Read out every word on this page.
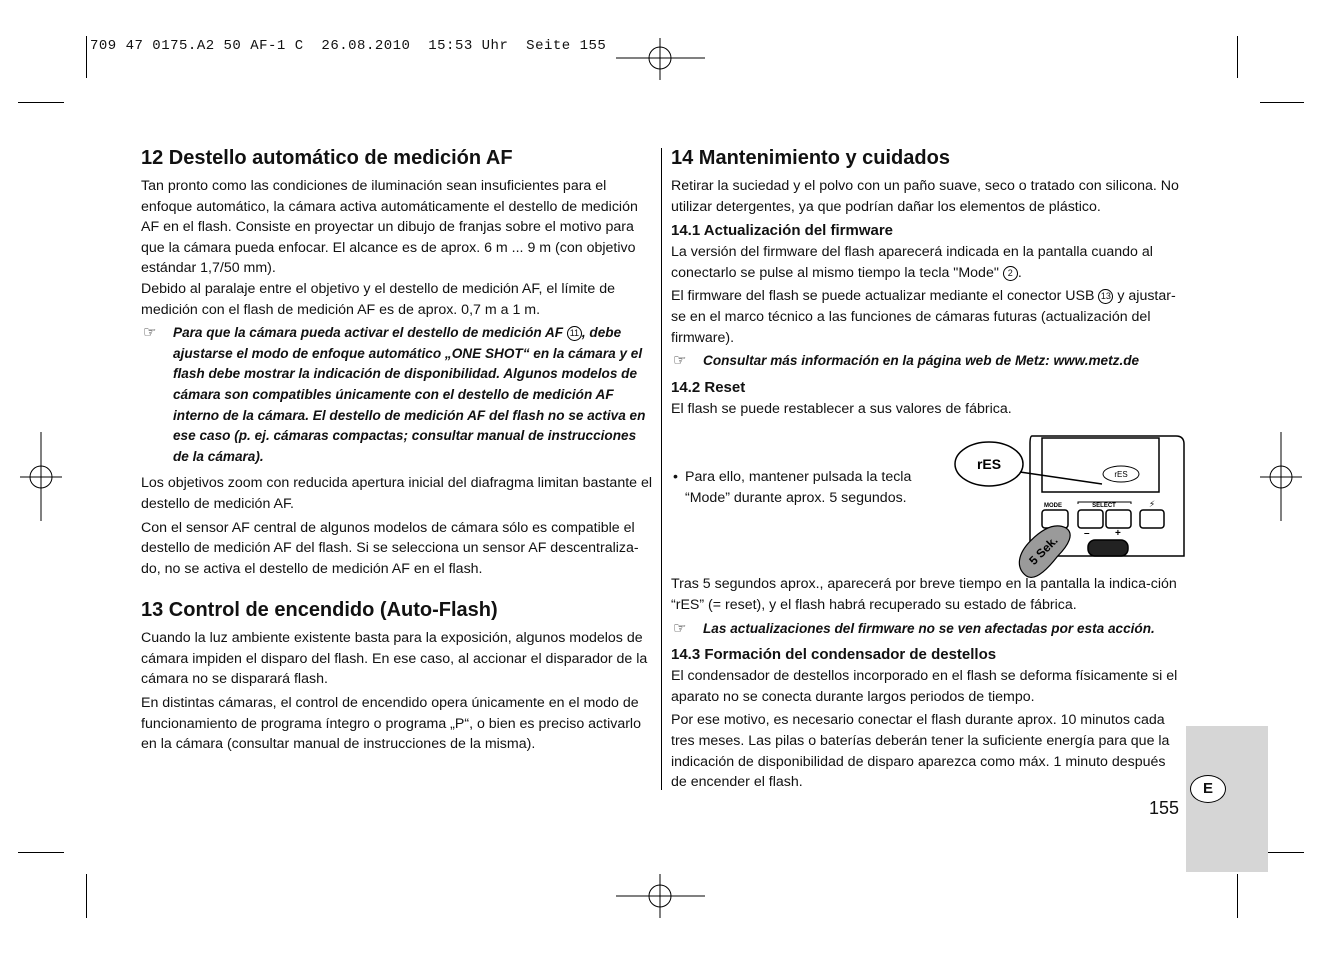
709 47 0175.A2 50 AF-1 C  26.08.2010  15:53 Uhr  Seite 155
12 Destello automático de medición AF

Tan pronto como las condiciones de iluminación sean insuficientes para el enfoque automático, la cámara activa automáticamente el destello de medición AF en el flash. Consiste en proyectar un dibujo de franjas sobre el motivo para que la cámara pueda enfocar. El alcance es de aprox. 6 m ... 9 m (con objetivo estándar 1,7/50 mm).

Debido al paralaje entre el objetivo y el destello de medición AF, el límite de medición con el flash de medición AF es de aprox. 0,7 m a 1 m.

☞ Para que la cámara pueda activar el destello de medición AF 11 , debe ajustarse el modo de enfoque automático „ONE SHOT“ en la cámara y el flash debe mostrar la indicación de disponibilidad. Algunos modelos de cámara son compatibles únicamente con el destello de medición AF interno de la cámara. El destello de medición AF del flash no se activa en ese caso (p. ej. cámaras compactas; consultar manual de instrucciones de la cámara).

Los objetivos zoom con reducida apertura inicial del diafragma limitan bastante el destello de medición AF.

Con el sensor AF central de algunos modelos de cámara sólo es compatible el destello de medición AF del flash. Si se selecciona un sensor AF descentraliza-do, no se activa el destello de medición AF en el flash.

13 Control de encendido (Auto-Flash)

Cuando la luz ambiente existente basta para la exposición, algunos modelos de cámara impiden el disparo del flash. En ese caso, al accionar el disparador de la cámara no se disparará flash.

En distintas cámaras, el control de encendido opera únicamente en el modo de funcionamiento de programa íntegro o programa „P“, o bien es preciso activarlo en la cámara (consultar manual de instrucciones de la misma).

14 Mantenimiento y cuidados

Retirar la suciedad y el polvo con un paño suave, seco o tratado con silicona. No utilizar detergentes, ya que podrían dañar los elementos de plástico.

14.1 Actualización del firmware

La versión del firmware del flash aparecerá indicada en la pantalla cuando al conectarlo se pulse al mismo tiempo la tecla "Mode" 2 .

El firmware del flash se puede actualizar mediante el conector USB 13 y ajustar-se en el marco técnico a las funciones de cámaras futuras (actualización del firmware).

☞ Consultar más información en la página web de Metz: www.metz.de
14.2 Reset

El flash se puede restablecer a sus valores de fábrica.

• Para ello, mantener pulsada la tecla “Mode” durante aprox. 5 segundos.

Tras 5 segundos aprox., aparecerá por breve tiempo en la pantalla la indica-ción “rES” (= reset), y el flash habrá recuperado su estado de fábrica.

☞ Las actualizaciones del firmware no se ven afectadas por esta acción.
14.3 Formación del condensador de destellos

El condensador de destellos incorporado en el flash se deforma físicamente si el aparato no se conecta durante largos periodos de tiempo.

Por ese motivo, es necesario conectar el flash durante aprox. 10 minutos cada tres meses. Las pilas o baterías deberán tener la suficiente energía para que la indicación de disponibilidad de disparo aparezca como máx. 1 minuto después de encender el flash.

rES
rES
MODE	SELECT	⚡
–	+
5 Sek.
E
155
